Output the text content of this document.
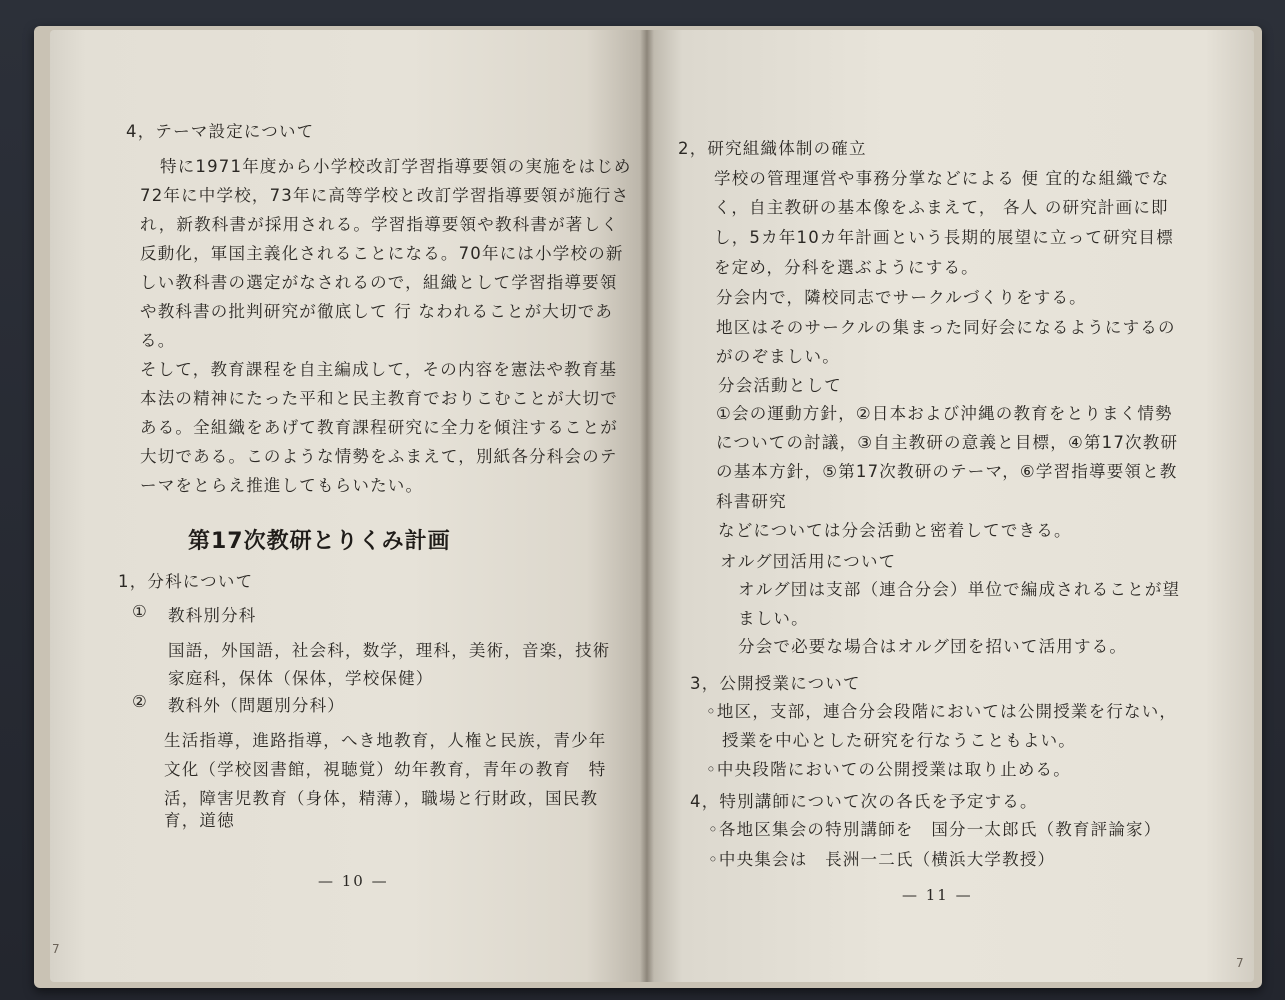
4，テーマ設定について
特に1971年度から小学校改訂学習指導要領の実施をはじめ
72年に中学校，73年に高等学校と改訂学習指導要領が施行さ
れ，新教科書が採用される。学習指導要領や教科書が著しく
反動化，軍国主義化されることになる。70年には小学校の新
しい教科書の選定がなされるので，組織として学習指導要領
や教科書の批判研究が徹底して 行 なわれることが大切であ
る。
そして，教育課程を自主編成して，その内容を憲法や教育基
本法の精神にたった平和と民主教育でおりこむことが大切で
ある。全組織をあげて教育課程研究に全力を傾注することが
大切である。このような情勢をふまえて，別紙各分科会のテ
ーマをとらえ推進してもらいたい。
第17次教研とりくみ計画
1，分科について
① 教科別分科
国語，外国語，社会科，数学，理科，美術，音楽，技術
家庭科，保体（保体，学校保健）
② 教科外（問題別分科）
生活指導，進路指導，へき地教育，人権と民族，青少年
文化（学校図書館，視聴覚）幼年教育，青年の教育　特
活，障害児教育（身体，精薄），職場と行財政，国民教
育，道徳
— 10 —
7
2，研究組織体制の確立
学校の管理運営や事務分掌などによる 便 宜的な組織でな
く，自主教研の基本像をふまえて， 各人 の研究計画に即
し，5カ年10カ年計画という長期的展望に立って研究目標
を定め，分科を選ぶようにする。
分会内で，隣校同志でサークルづくりをする。
地区はそのサークルの集まった同好会になるようにするの
がのぞましい。
分会活動として
①会の運動方針，②日本および沖縄の教育をとりまく情勢
についての討議，③自主教研の意義と目標，④第17次教研
の基本方針，⑤第17次教研のテーマ，⑥学習指導要領と教
科書研究
などについては分会活動と密着してできる。
オルグ団活用について
オルグ団は支部（連合分会）単位で編成されることが望
ましい。
分会で必要な場合はオルグ団を招いて活用する。
3，公開授業について
◦地区，支部，連合分会段階においては公開授業を行ない，
授業を中心とした研究を行なうこともよい。
◦中央段階においての公開授業は取り止める。
4，特別講師について次の各氏を予定する。
◦各地区集会の特別講師を　国分一太郎氏（教育評論家）
◦中央集会は　長洲一二氏（横浜大学教授）
— 11 —
7
